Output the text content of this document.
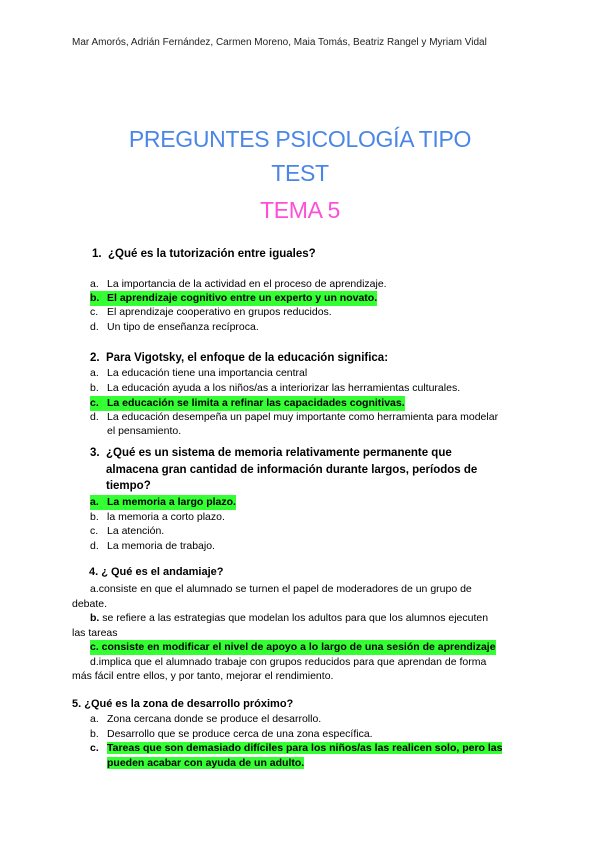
Mar Amorós, Adrián Fernández, Carmen Moreno, Maia Tomás, Beatriz Rangel y Myriam Vidal
PREGUNTES PSICOLOGÍA TIPO
TEST
TEMA 5
1. ¿Qué es la tutorización entre iguales?
a. La importancia de la actividad en el proceso de aprendizaje.
b. El aprendizaje cognitivo entre un experto y un novato.
c. El aprendizaje cooperativo en grupos reducidos.
d. Un tipo de enseñanza recíproca.
2. Para Vigotsky, el enfoque de la educación significa:
a. La educación tiene una importancia central
b. La educación ayuda a los niños/as a interiorizar las herramientas culturales.
c. La educación se limita a refinar las capacidades cognitivas.
d. La educación desempeña un papel muy importante como herramienta para modelar
el pensamiento.
3. ¿Qué es un sistema de memoria relativamente permanente que
almacena gran cantidad de información durante largos, períodos de
tiempo?
a. La memoria a largo plazo.
b. la memoria a corto plazo.
c. La atención.
d. La memoria de trabajo.
4. ¿ Qué es el andamiaje?
a.consiste en que el alumnado se turnen el papel de moderadores de un grupo de
debate.
b. se refiere a las estrategias que modelan los adultos para que los alumnos ejecuten
las tareas
c. consiste en modificar el nivel de apoyo a lo largo de una sesión de aprendizaje
d.implica que el alumnado trabaje con grupos reducidos para que aprendan de forma
más fácil entre ellos, y por tanto, mejorar el rendimiento.
5. ¿Qué es la zona de desarrollo próximo?
a. Zona cercana donde se produce el desarrollo.
b. Desarrollo que se produce cerca de una zona específica.
c. Tareas que son demasiado difíciles para los niños/as las realicen solo, pero las
pueden acabar con ayuda de un adulto.
